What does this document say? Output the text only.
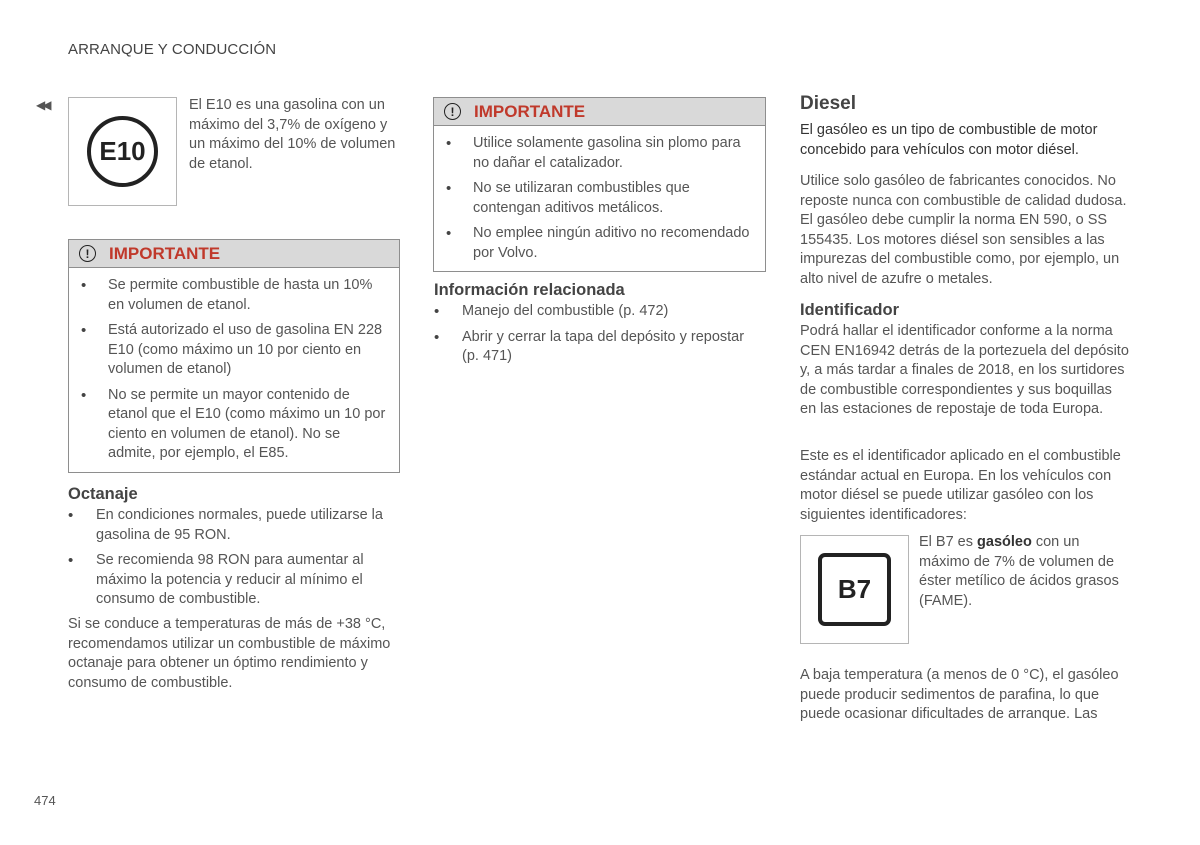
ARRANQUE Y CONDUCCIÓN
◀◀
E10

El E10 es una gasolina con un máximo del 3,7% de oxígeno y un máximo del 10% de volumen de etanol.

!	IMPORTANTE
• Se permite combustible de hasta un 10% en volumen de etanol.
• Está autorizado el uso de gasolina EN 228 E10 (como máximo un 10 por ciento en volumen de etanol)
• No se permite un mayor contenido de etanol que el E10 (como máximo un 10 por ciento en volumen de etanol). No se admite, por ejemplo, el E85.
Octanaje
• En condiciones normales, puede utilizarse la gasolina de 95 RON.
• Se recomienda 98 RON para aumentar al máximo la potencia y reducir al mínimo el consumo de combustible.

Si se conduce a temperaturas de más de +38 °C, recomendamos utilizar un combustible de máximo octanaje para obtener un óptimo rendimiento y consumo de combustible.

!	IMPORTANTE
• Utilice solamente gasolina sin plomo para no dañar el catalizador.
• No se utilizaran combustibles que contengan aditivos metálicos.
• No emplee ningún aditivo no recomendado por Volvo.
Información relacionada
• Manejo del combustible (p. 472)
• Abrir y cerrar la tapa del depósito y repostar (p. 471)
Diesel

El gasóleo es un tipo de combustible de motor concebido para vehículos con motor diésel.

Utilice solo gasóleo de fabricantes conocidos. No reposte nunca con combustible de calidad dudosa. El gasóleo debe cumplir la norma EN 590, o SS 155435. Los motores diésel son sensibles a las impurezas del combustible como, por ejemplo, un alto nivel de azufre o metales.

Identificador

Podrá hallar el identificador conforme a la norma CEN EN16942 detrás de la portezuela del depósito y, a más tardar a finales de 2018, en los surtidores de combustible correspondientes y sus boquillas en las estaciones de repostaje de toda Europa.

Este es el identificador aplicado en el combustible estándar actual en Europa. En los vehículos con motor diésel se puede utilizar gasóleo con los siguientes identificadores:

B7

El B7 es gasóleo con un máximo de 7% de volumen de éster metílico de ácidos grasos (FAME).

A baja temperatura (a menos de 0 °C), el gasóleo puede producir sedimentos de parafina, lo que puede ocasionar dificultades de arranque. Las

474
